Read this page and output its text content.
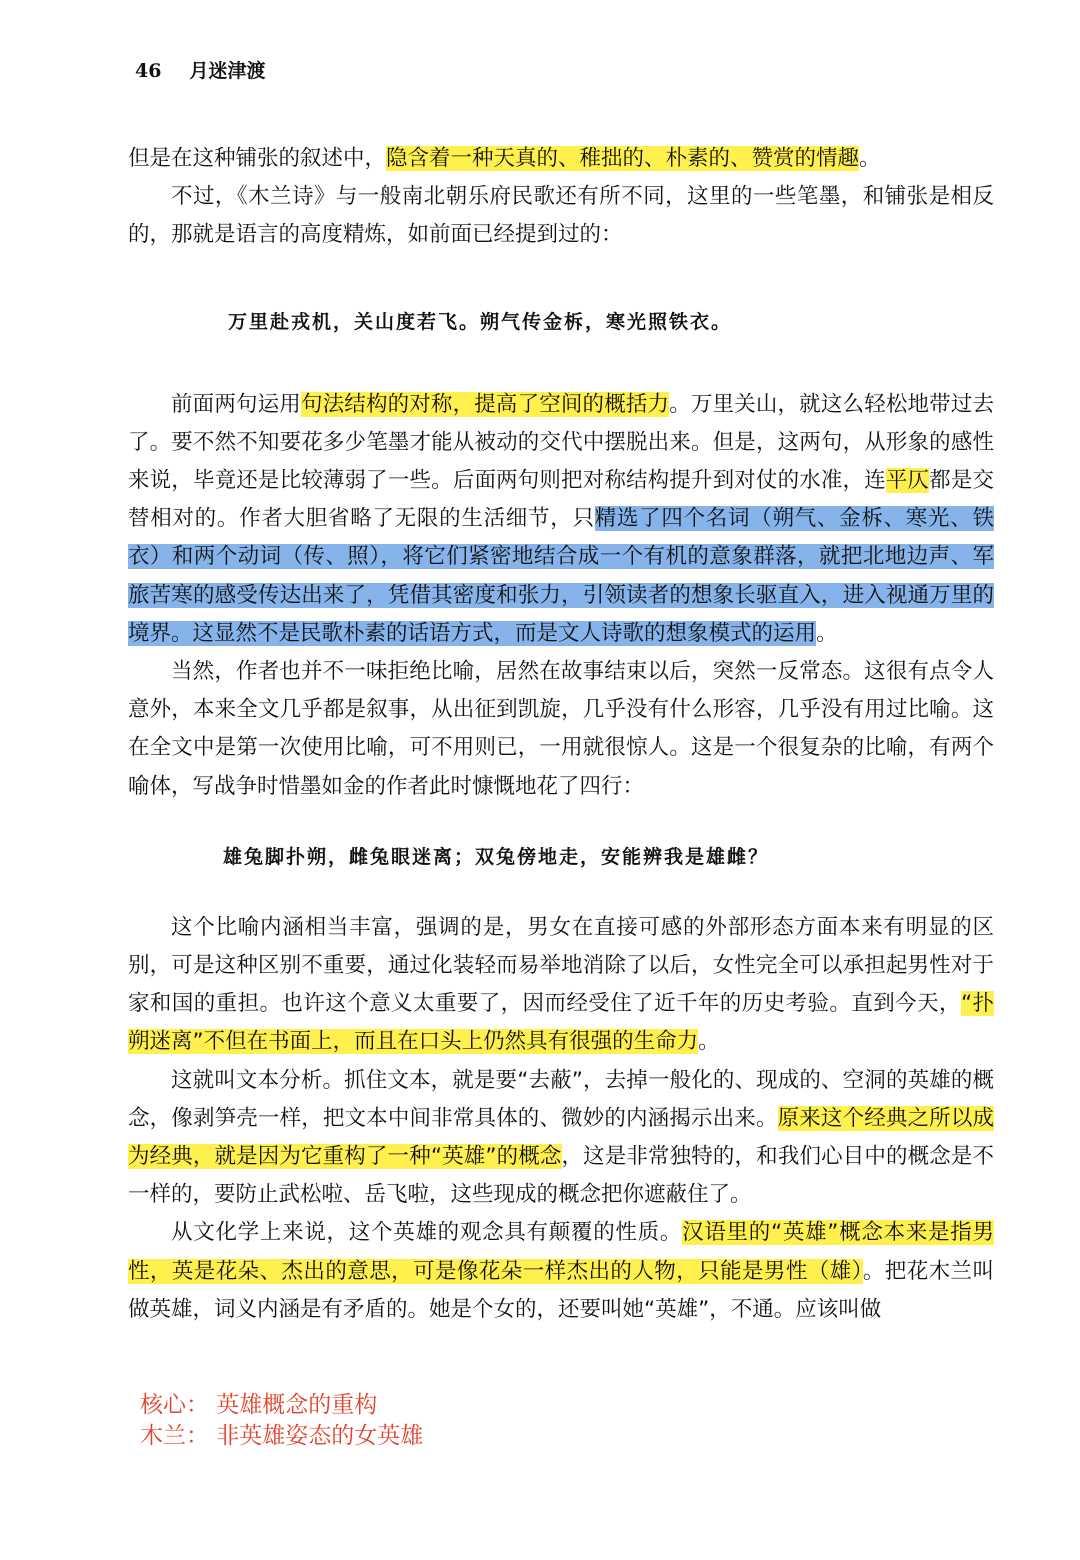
46 月迷津渡

但是在这种铺张的叙述中，隐含着一种天真的、稚拙的、朴素的、赞赏的情趣。

不过，《木兰诗》与一般南北朝乐府民歌还有所不同，这里的一些笔墨，和铺张是相反的，那就是语言的高度精炼，如前面已经提到过的：

万里赴戎机，关山度若飞。朔气传金柝，寒光照铁衣。

前面两句运用句法结构的对称，提高了空间的概括力。万里关山，就这么轻松地带过去了。要不然不知要花多少笔墨才能从被动的交代中摆脱出来。但是，这两句，从形象的感性来说，毕竟还是比较薄弱了一些。后面两句则把对称结构提升到对仗的水准，连平仄都是交替相对的。作者大胆省略了无限的生活细节，只精选了四个名词（朔气、金柝、寒光、铁衣）和两个动词（传、照），将它们紧密地结合成一个有机的意象群落，就把北地边声、军旅苦寒的感受传达出来了，凭借其密度和张力，引领读者的想象长驱直入，进入视通万里的境界。这显然不是民歌朴素的话语方式，而是文人诗歌的想象模式的运用。

当然，作者也并不一味拒绝比喻，居然在故事结束以后，突然一反常态。这很有点令人意外，本来全文几乎都是叙事，从出征到凯旋，几乎没有什么形容，几乎没有用过比喻。这在全文中是第一次使用比喻，可不用则已，一用就很惊人。这是一个很复杂的比喻，有两个喻体，写战争时惜墨如金的作者此时慷慨地花了四行：

雄兔脚扑朔，雌兔眼迷离；双兔傍地走，安能辨我是雄雌？

这个比喻内涵相当丰富，强调的是，男女在直接可感的外部形态方面本来有明显的区别，可是这种区别不重要，通过化装轻而易举地消除了以后，女性完全可以承担起男性对于家和国的重担。也许这个意义太重要了，因而经受住了近千年的历史考验。直到今天，“扑朔迷离”不但在书面上，而且在口头上仍然具有很强的生命力。

这就叫文本分析。抓住文本，就是要“去蔽”，去掉一般化的、现成的、空洞的英雄的概念，像剥笋壳一样，把文本中间非常具体的、微妙的内涵揭示出来。原来这个经典之所以成为经典，就是因为它重构了一种“英雄”的概念，这是非常独特的，和我们心目中的概念是不一样的，要防止武松啦、岳飞啦，这些现成的概念把你遮蔽住了。

从文化学上来说，这个英雄的观念具有颠覆的性质。汉语里的“英雄”概念本来是指男性，英是花朵、杰出的意思，可是像花朵一样杰出的人物，只能是男性（雄）。把花木兰叫做英雄，词义内涵是有矛盾的。她是个女的，还要叫她“英雄”，不通。应该叫做

核心： 英雄概念的重构
木兰： 非英雄姿态的女英雄
